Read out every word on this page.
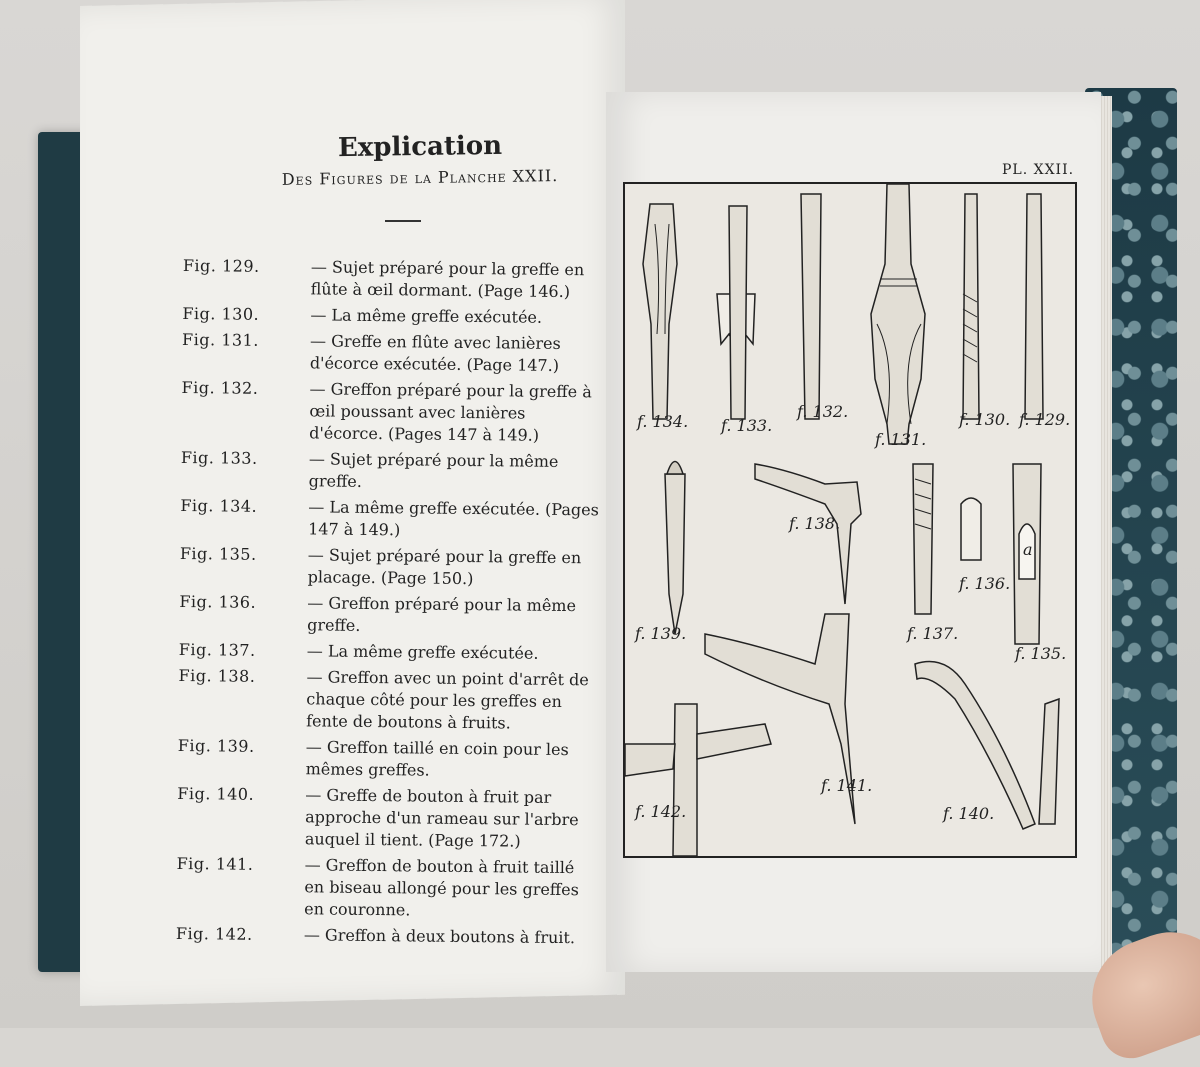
Explication
Des Figures de la Planche XXII.
Fig. 129.	— Sujet préparé pour la greffe en flûte à œil dormant. (Page 146.)
Fig. 130.	— La même greffe exécutée.
Fig. 131.	— Greffe en flûte avec lanières d'écorce exécutée. (Page 147.)
Fig. 132.	— Greffon préparé pour la greffe à œil poussant avec lanières d'écorce. (Pages 147 à 149.)
Fig. 133.	— Sujet préparé pour la même greffe.
Fig. 134.	— La même greffe exécutée. (Pages 147 à 149.)
Fig. 135.	— Sujet préparé pour la greffe en placage. (Page 150.)
Fig. 136.	— Greffon préparé pour la même greffe.
Fig. 137.	— La même greffe exécutée.
Fig. 138.	— Greffon avec un point d'arrêt de chaque côté pour les greffes en fente de boutons à fruits.
Fig. 139.	— Greffon taillé en coin pour les mêmes greffes.
Fig. 140.	— Greffe de bouton à fruit par approche d'un rameau sur l'arbre auquel il tient. (Page 172.)
Fig. 141.	— Greffon de bouton à fruit taillé en biseau allongé pour les greffes en couronne.
Fig. 142.	— Greffon à deux boutons à fruit.
PL. XXII.
f. 134. f. 133.
f. 132.
f. 131.
f. 130. f. 129.
f. 138.
f. 139.	f. 137.
f. 136.
f. 135.
a
f. 141.
f. 142.	f. 140.
